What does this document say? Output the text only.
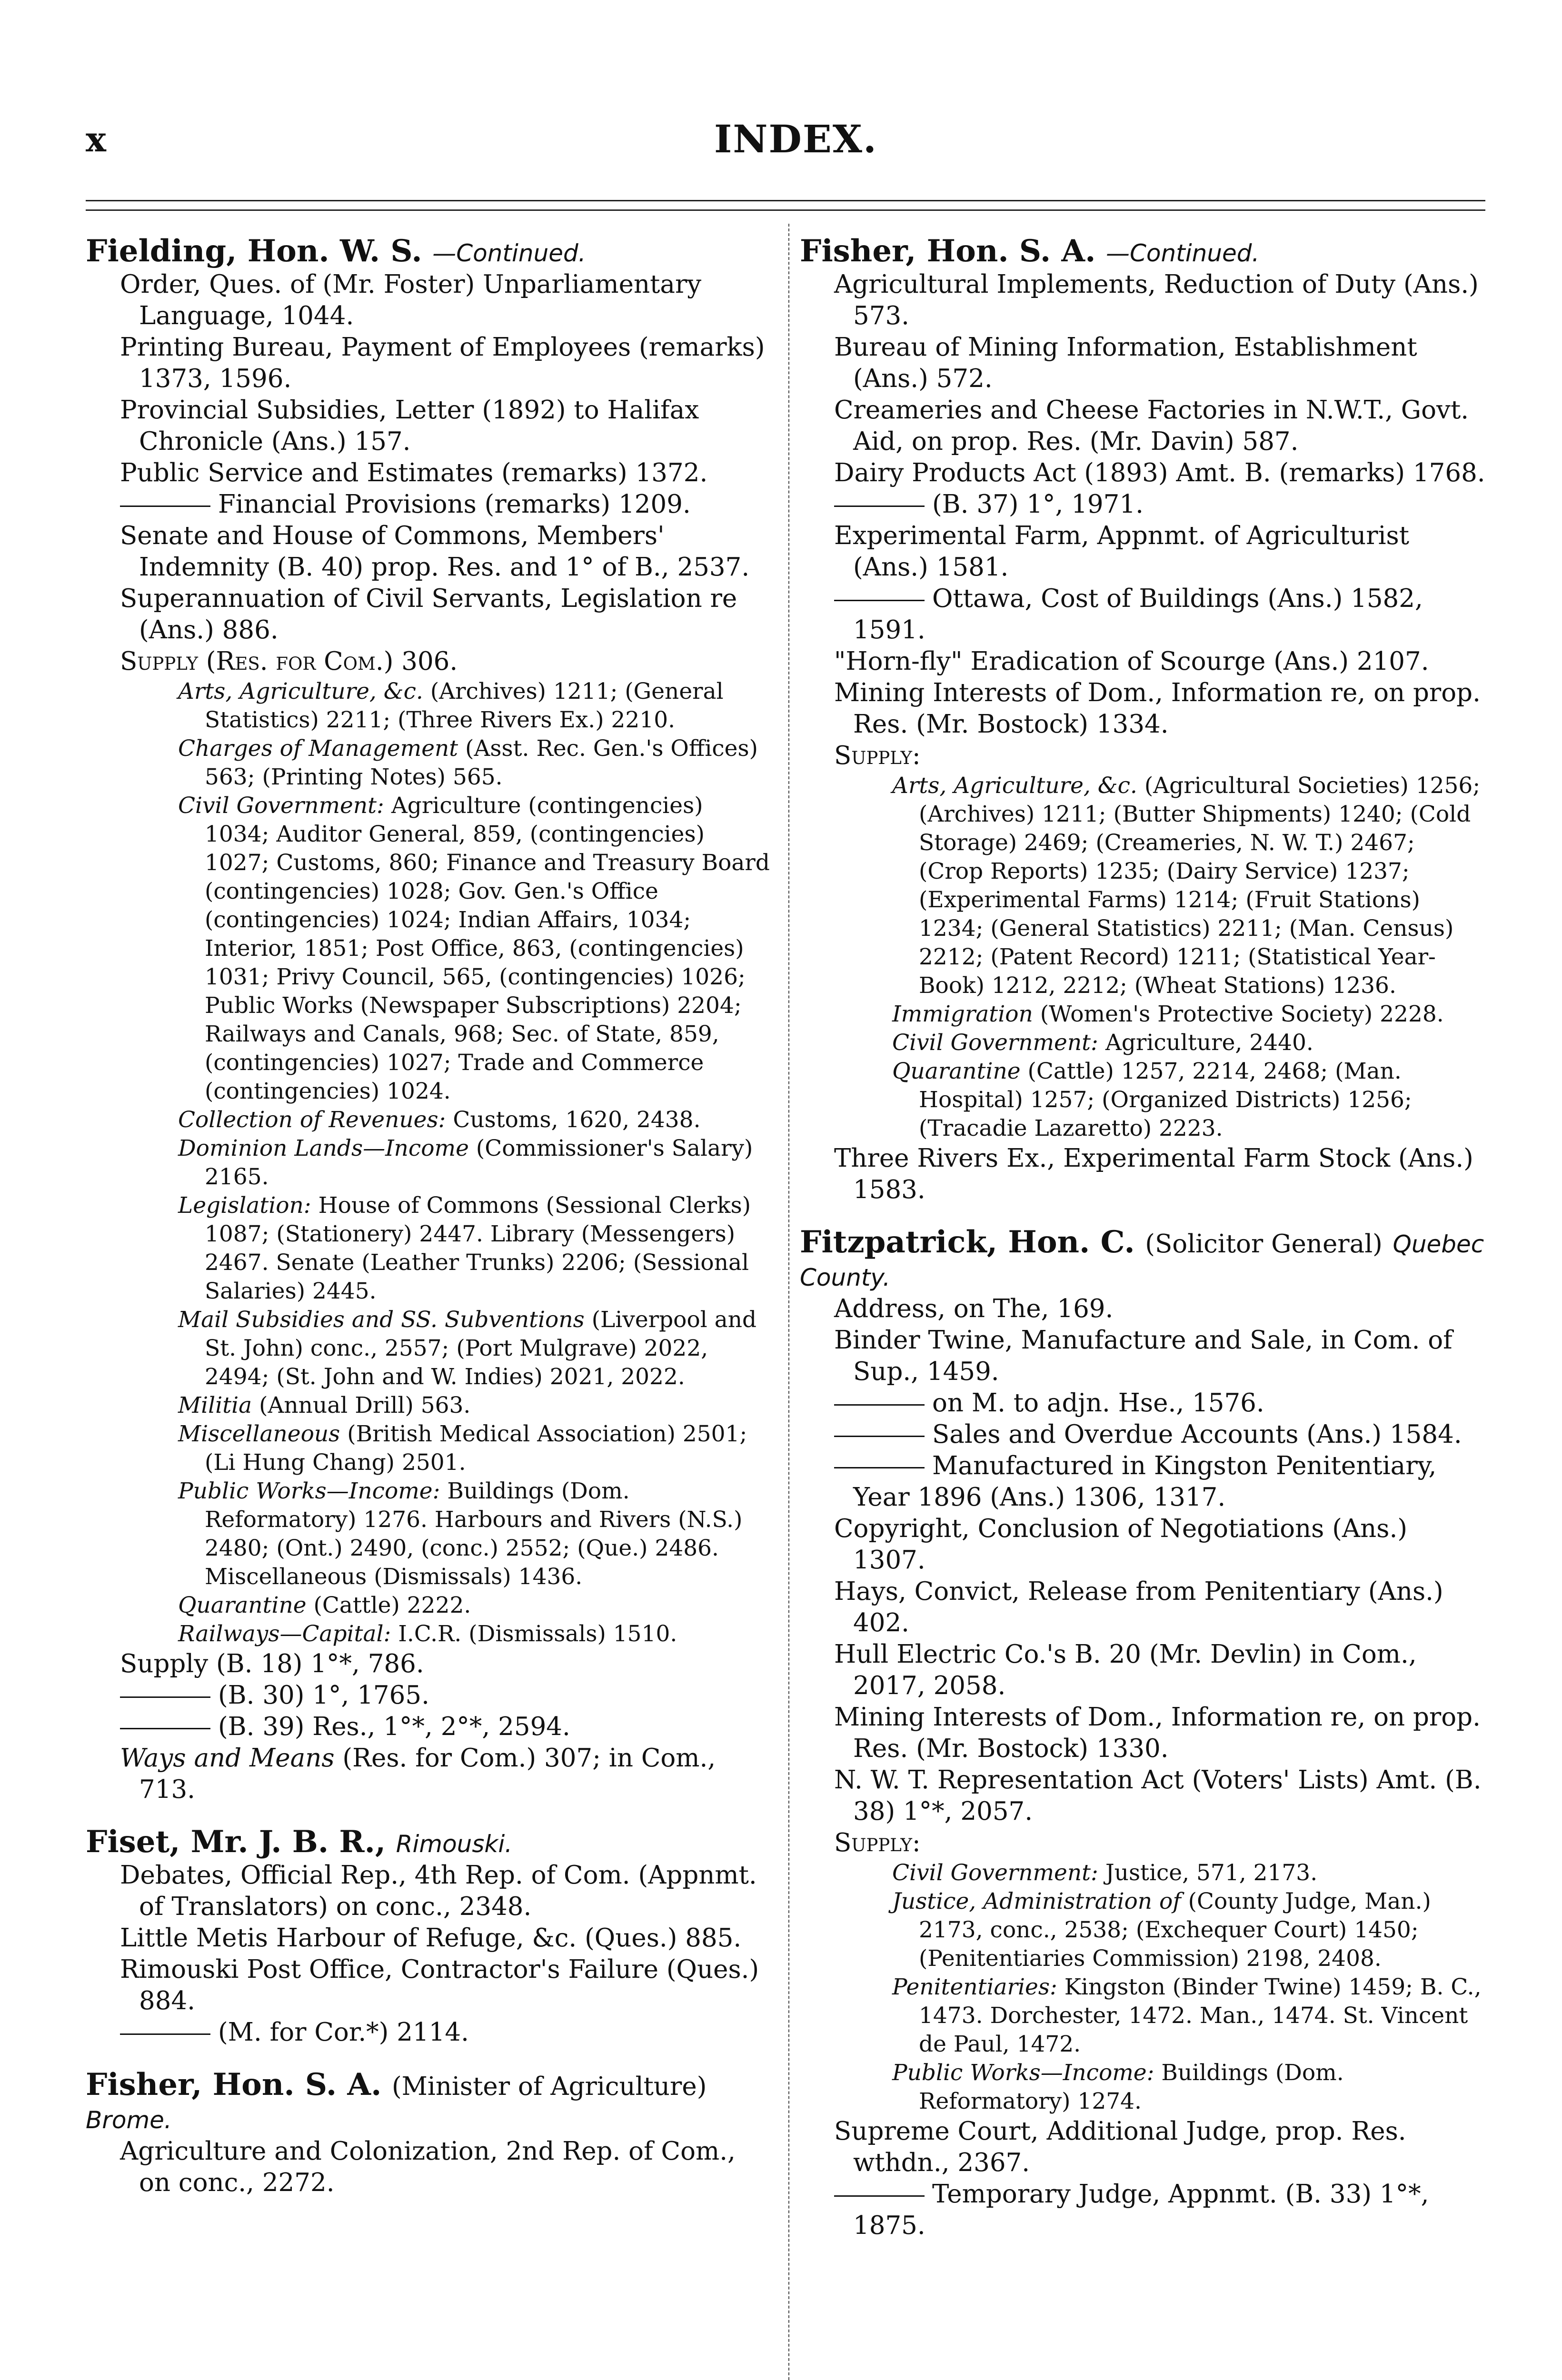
x	INDEX.
Fielding, Hon. W. S. —Continued.
Order, Ques. of (Mr. Foster) Unparliamentary Language, 1044.
Printing Bureau, Payment of Employees (remarks) 1373, 1596.
Provincial Subsidies, Letter (1892) to Halifax Chronicle (Ans.) 157.
Public Service and Estimates (remarks) 1372.
Financial Provisions (remarks) 1209.
Senate and House of Commons, Members' Indemnity (B. 40) prop. Res. and 1° of B., 2537.
Superannuation of Civil Servants, Legislation re (Ans.) 886.
Supply (Res. for Com.) 306.
Arts, Agriculture, &c. (Archives) 1211; (General Statistics) 2211; (Three Rivers Ex.) 2210.
Charges of Management (Asst. Rec. Gen.'s Offices) 563; (Printing Notes) 565.
Civil Government: Agriculture (contingencies) 1034; Auditor General, 859, (contingencies) 1027; Customs, 860; Finance and Treasury Board (contingencies) 1028; Gov. Gen.'s Office (contingencies) 1024; Indian Affairs, 1034; Interior, 1851; Post Office, 863, (contingencies) 1031; Privy Council, 565, (contingencies) 1026; Public Works (Newspaper Subscriptions) 2204; Railways and Canals, 968; Sec. of State, 859, (contingencies) 1027; Trade and Commerce (contingencies) 1024.
Collection of Revenues: Customs, 1620, 2438.
Dominion Lands—Income (Commissioner's Salary) 2165.
Legislation: House of Commons (Sessional Clerks) 1087; (Stationery) 2447. Library (Messengers) 2467. Senate (Leather Trunks) 2206; (Sessional Salaries) 2445.
Mail Subsidies and SS. Subventions (Liverpool and St. John) conc., 2557; (Port Mulgrave) 2022, 2494; (St. John and W. Indies) 2021, 2022.
Militia (Annual Drill) 563.
Miscellaneous (British Medical Association) 2501; (Li Hung Chang) 2501.
Public Works—Income: Buildings (Dom. Reformatory) 1276. Harbours and Rivers (N.S.) 2480; (Ont.) 2490, (conc.) 2552; (Que.) 2486. Miscellaneous (Dismissals) 1436.
Quarantine (Cattle) 2222.
Railways—Capital: I.C.R. (Dismissals) 1510.
Supply (B. 18) 1°*, 786.
(B. 30) 1°, 1765.
(B. 39) Res., 1°*, 2°*, 2594.
Ways and Means (Res. for Com.) 307; in Com., 713.
Fiset, Mr. J. B. R., Rimouski.
Debates, Official Rep., 4th Rep. of Com. (Appnmt. of Translators) on conc., 2348.
Little Metis Harbour of Refuge, &c. (Ques.) 885.
Rimouski Post Office, Contractor's Failure (Ques.) 884.
(M. for Cor.*) 2114.
Fisher, Hon. S. A. (Minister of Agriculture) Brome.
Agriculture and Colonization, 2nd Rep. of Com., on conc., 2272.
Fisher, Hon. S. A. —Continued.
Agricultural Implements, Reduction of Duty (Ans.) 573.
Bureau of Mining Information, Establishment (Ans.) 572.
Creameries and Cheese Factories in N.W.T., Govt. Aid, on prop. Res. (Mr. Davin) 587.
Dairy Products Act (1893) Amt. B. (remarks) 1768.
(B. 37) 1°, 1971.
Experimental Farm, Appnmt. of Agriculturist (Ans.) 1581.
Ottawa, Cost of Buildings (Ans.) 1582, 1591.
"Horn-fly" Eradication of Scourge (Ans.) 2107.
Mining Interests of Dom., Information re, on prop. Res. (Mr. Bostock) 1334.
Supply:
Arts, Agriculture, &c. (Agricultural Societies) 1256; (Archives) 1211; (Butter Shipments) 1240; (Cold Storage) 2469; (Creameries, N. W. T.) 2467; (Crop Reports) 1235; (Dairy Service) 1237; (Experimental Farms) 1214; (Fruit Stations) 1234; (General Statistics) 2211; (Man. Census) 2212; (Patent Record) 1211; (Statistical Year-Book) 1212, 2212; (Wheat Stations) 1236.
Immigration (Women's Protective Society) 2228.
Civil Government: Agriculture, 2440.
Quarantine (Cattle) 1257, 2214, 2468; (Man. Hospital) 1257; (Organized Districts) 1256; (Tracadie Lazaretto) 2223.
Three Rivers Ex., Experimental Farm Stock (Ans.) 1583.
Fitzpatrick, Hon. C. (Solicitor General) Quebec County.
Address, on The, 169.
Binder Twine, Manufacture and Sale, in Com. of Sup., 1459.
on M. to adjn. Hse., 1576.
Sales and Overdue Accounts (Ans.) 1584.
Manufactured in Kingston Penitentiary, Year 1896 (Ans.) 1306, 1317.
Copyright, Conclusion of Negotiations (Ans.) 1307.
Hays, Convict, Release from Penitentiary (Ans.) 402.
Hull Electric Co.'s B. 20 (Mr. Devlin) in Com., 2017, 2058.
Mining Interests of Dom., Information re, on prop. Res. (Mr. Bostock) 1330.
N. W. T. Representation Act (Voters' Lists) Amt. (B. 38) 1°*, 2057.
Supply:
Civil Government: Justice, 571, 2173.
Justice, Administration of (County Judge, Man.) 2173, conc., 2538; (Exchequer Court) 1450; (Penitentiaries Commission) 2198, 2408.
Penitentiaries: Kingston (Binder Twine) 1459; B. C., 1473. Dorchester, 1472. Man., 1474. St. Vincent de Paul, 1472.
Public Works—Income: Buildings (Dom. Reformatory) 1274.
Supreme Court, Additional Judge, prop. Res. wthdn., 2367.
Temporary Judge, Appnmt. (B. 33) 1°*, 1875.
